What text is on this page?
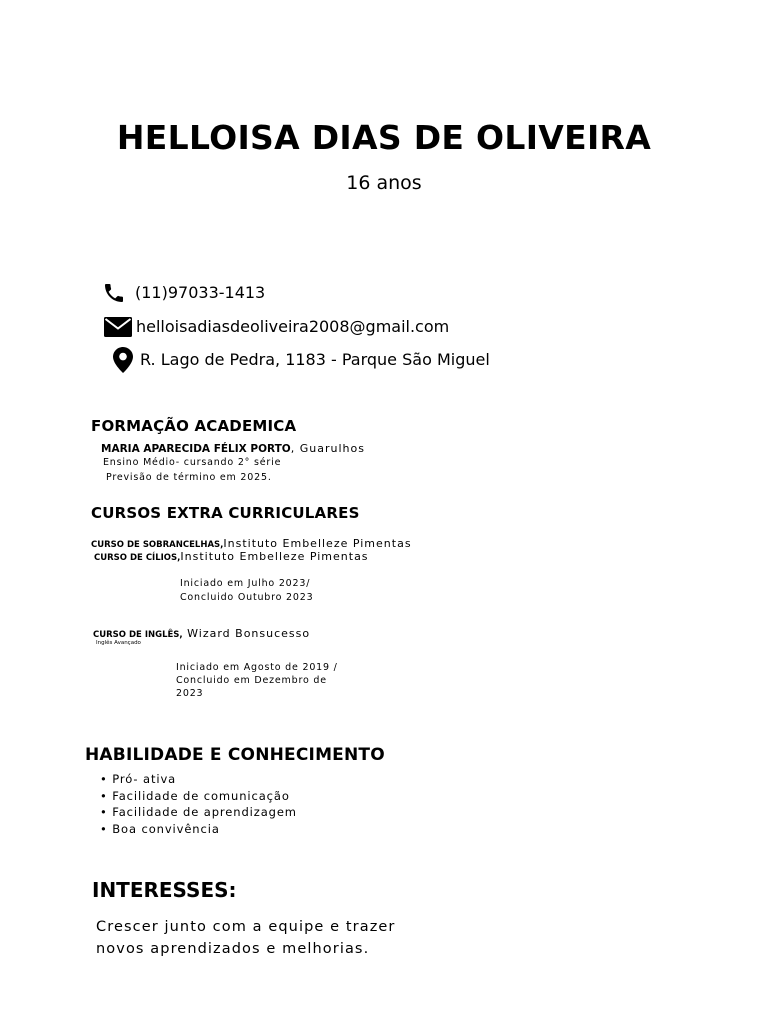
HELLOISA DIAS DE OLIVEIRA
16 anos
(11)97033-1413
helloisadiasdeoliveira2008@gmail.com
R. Lago de Pedra, 1183 - Parque São Miguel
FORMAÇÃO ACADEMICA
MARIA APARECIDA FÉLIX PORTO, Guarulhos
Ensino Médio- cursando 2° série
Previsão de término em 2025.
CURSOS EXTRA CURRICULARES
CURSO DE SOBRANCELHAS,Instituto Embelleze Pimentas
CURSO DE CÍLIOS,Instituto Embelleze Pimentas
Iniciado em Julho 2023/
Concluido Outubro 2023
CURSO DE INGLÊS, Wizard Bonsucesso
Inglês Avançado
Iniciado em Agosto de 2019 /
Concluido em Dezembro de
2023
HABILIDADE E CONHECIMENTO
• Pró- ativa
• Facilidade de comunicação
• Facilidade de aprendizagem
• Boa convivência
INTERESSES:
Crescer junto com a equipe e trazer
novos aprendizados e melhorias.
